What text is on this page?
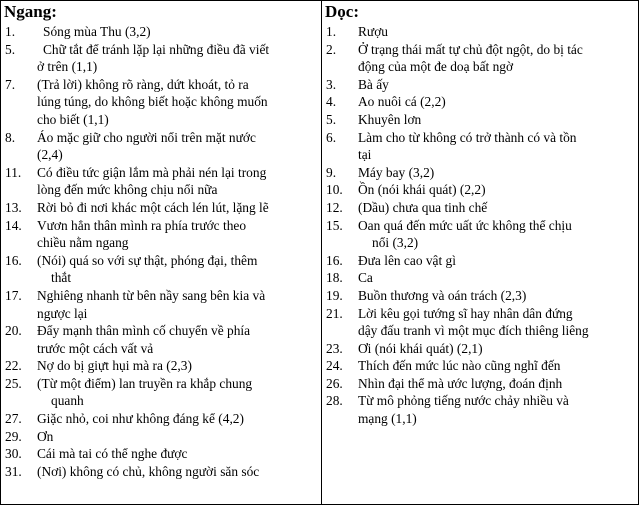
Ngang:
1. Sóng mùa Thu (3,2)
5. Chữ tắt để tránh lặp lại những điều đã viết
ở trên (1,1)
7. (Trả lời) không rõ ràng, dứt khoát, tỏ ra
lúng túng, do không biết hoặc không muốn
cho biết (1,1)
8. Áo mặc giữ cho người nổi trên mặt nước
(2,4)
11. Có điều tức giận lắm mà phải nén lại trong
lòng đến mức không chịu nổi nữa
13. Rời bỏ đi nơi khác một cách lén lút, lặng lẽ
14. Vươn hẳn thân mình ra phía trước theo
chiều nằm ngang
16. (Nói) quá so với sự thật, phóng đại, thêm
thắt
17. Nghiêng nhanh từ bên nầy sang bên kia và
ngược lại
20. Đẩy mạnh thân mình cố chuyển về phía
trước một cách vất vả
22. Nợ do bị giựt hụi mà ra (2,3)
25. (Từ một điểm) lan truyền ra khắp chung
quanh
27. Giặc nhỏ, coi như không đáng kể (4,2)
29. Ơn
30. Cái mà tai có thể nghe được
31. (Nơi) không có chủ, không người săn sóc
Dọc:
1. Rượu
2. Ở trạng thái mất tự chủ đột ngột, do bị tác
động của một đe doạ bất ngờ
3. Bà ấy
4. Ao nuôi cá (2,2)
5. Khuyên lơn
6. Làm cho từ không có trở thành có và tồn
tại
9. Máy bay (3,2)
10. Ồn (nói khái quát) (2,2)
12. (Dầu) chưa qua tinh chế
15. Oan quá đến mức uất ức không thể chịu
nổi (3,2)
16. Đưa lên cao vật gì
18. Ca
19. Buồn thương và oán trách (2,3)
21. Lời kêu gọi tướng sĩ hay nhân dân đứng
dậy đấu tranh vì một mục đích thiêng liêng
23. Ơi (nói khái quát) (2,1)
24. Thích đến mức lúc nào cũng nghĩ đến
26. Nhìn đại thể mà ước lượng, đoán định
28. Từ mô phỏng tiếng nước chảy nhiều và
mạng (1,1)
